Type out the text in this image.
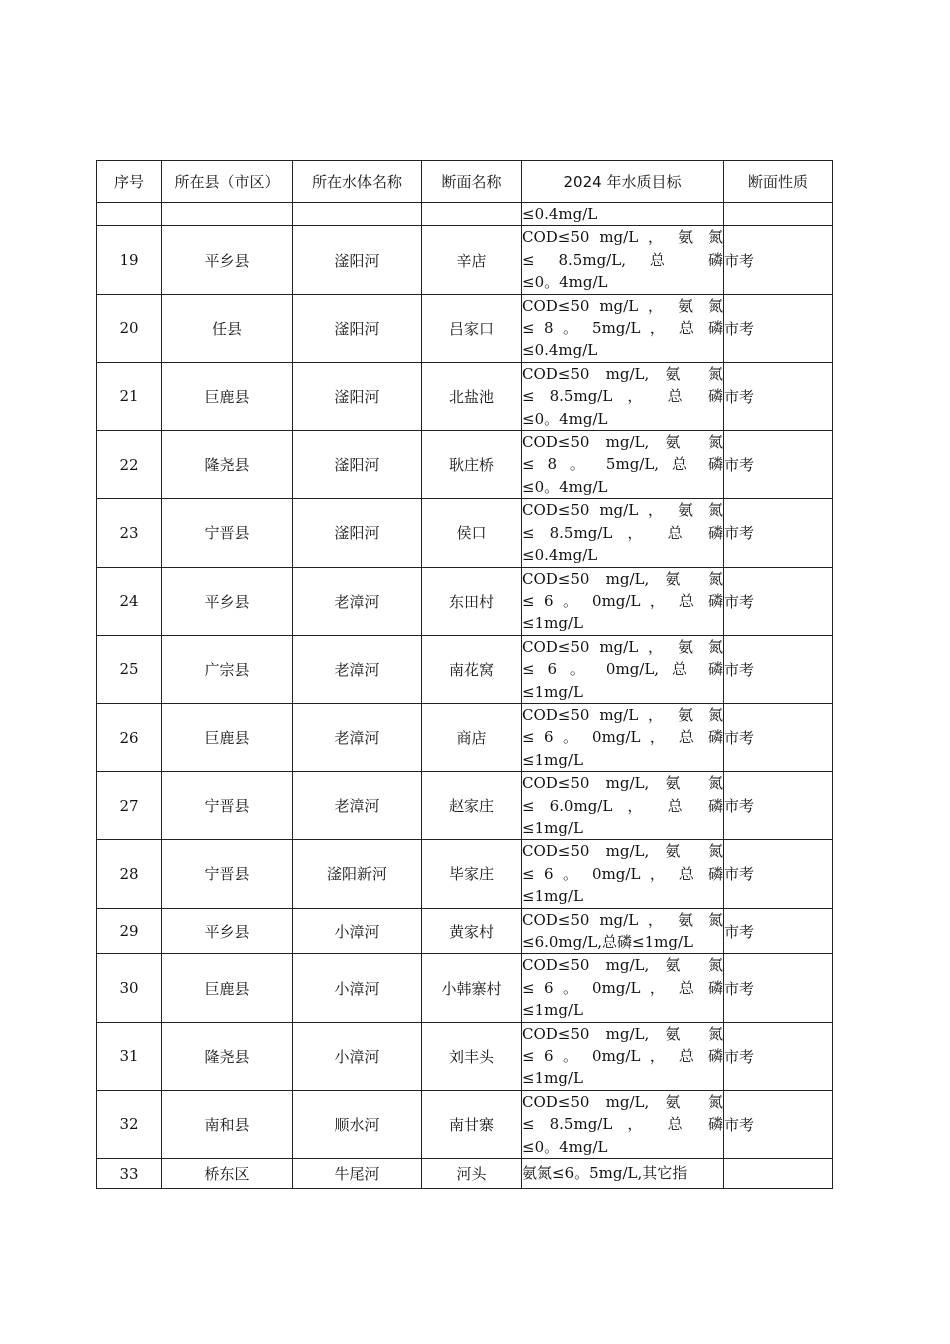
序号	所在县（市区）	所在水体名称	断面名称	2024 年水质目标	断面性质

				≤0.4mg/L	

19	平乡县	滏阳河	辛店	COD≤50 mg/L ， 氨 氮
≤ 8.5mg/L, 总 磷
≤0。4mg/L	市考
20	任县	滏阳河	吕家口	COD≤50 mg/L ， 氨 氮
≤ 8 。 5mg/L ， 总 磷
≤0.4mg/L	市考
21	巨鹿县	滏阳河	北盐池	COD≤50 mg/L, 氨 氮
≤ 8.5mg/L ， 总 磷
≤0。4mg/L	市考
22	隆尧县	滏阳河	耿庄桥	COD≤50 mg/L, 氨 氮
≤ 8 。 5mg/L, 总 磷
≤0。4mg/L	市考
23	宁晋县	滏阳河	侯口	COD≤50 mg/L ， 氨 氮
≤ 8.5mg/L ， 总 磷
≤0.4mg/L	市考
24	平乡县	老漳河	东田村	COD≤50 mg/L, 氨 氮
≤ 6 。 0mg/L ， 总 磷
≤1mg/L	市考
25	广宗县	老漳河	南花窝	COD≤50 mg/L ， 氨 氮
≤ 6 。 0mg/L, 总 磷
≤1mg/L	市考
26	巨鹿县	老漳河	商店	COD≤50 mg/L ， 氨 氮
≤ 6 。 0mg/L ， 总 磷
≤1mg/L	市考
27	宁晋县	老漳河	赵家庄	COD≤50 mg/L, 氨 氮
≤ 6.0mg/L ， 总 磷
≤1mg/L	市考
28	宁晋县	滏阳新河	毕家庄	COD≤50 mg/L, 氨 氮
≤ 6 。 0mg/L ， 总 磷
≤1mg/L	市考
29	平乡县	小漳河	黄家村	COD≤50 mg/L ， 氨 氮
≤6.0mg/L,总磷≤1mg/L	市考
30	巨鹿县	小漳河	小韩寨村	COD≤50 mg/L, 氨 氮
≤ 6 。 0mg/L ， 总 磷
≤1mg/L	市考
31	隆尧县	小漳河	刘丰头	COD≤50 mg/L, 氨 氮
≤ 6 。 0mg/L ， 总 磷
≤1mg/L	市考
32	南和县	顺水河	南甘寨	COD≤50 mg/L, 氨 氮
≤ 8.5mg/L ， 总 磷
≤0。4mg/L	市考
33	桥东区	牛尾河	河头	氨氮≤6。5mg/L,其它指	
